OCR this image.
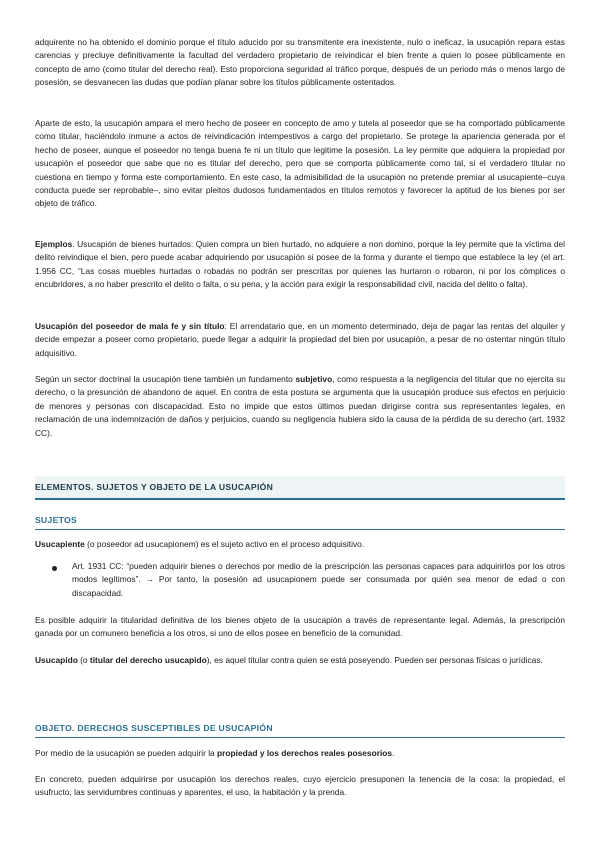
adquirente no ha obtenido el dominio porque el título aducido por su transmitente era inexistente, nulo o ineficaz, la usucapión repara estas carencias y precluye definitivamente la facultad del verdadero propietario de reivindicar el bien frente a quien lo posee públicamente en concepto de amo (como titular del derecho real). Esto proporciona seguridad al tráfico porque, después de un periodo más o menos largo de posesión, se desvanecen las dudas que podían planar sobre los títulos públicamente ostentados.

Aparte de esto, la usucapión ampara el mero hecho de poseer en concepto de amo y tutela al poseedor que se ha comportado públicamente como titular, haciéndolo inmune a actos de reivindicación intempestivos a cargo del propietario. Se protege la apariencia generada por el hecho de poseer, aunque el poseedor no tenga buena fe ni un título que legitime la posesión. La ley permite que adquiera la propiedad por usucapión el poseedor que sabe que no es titular del derecho, pero que se comporta públicamente como tal, si el verdadero titular no cuestiona en tiempo y forma este comportamiento. En este caso, la admisibilidad de la usucapión no pretende premiar al usucapiente–cuya conducta puede ser reprobable–, sino evitar pleitos dudosos fundamentados en títulos remotos y favorecer la aptitud de los bienes por ser objeto de tráfico.

Ejemplos. Usucapión de bienes hurtados: Quien compra un bien hurtado, no adquiere a non domino, porque la ley permite que la víctima del delito reivindique el bien, pero puede acabar adquiriendo por usucapión si posee de la forma y durante el tiempo que establece la ley (el art. 1.956 CC, “Las cosas muebles hurtadas o robadas no podrán ser prescritas por quienes las hurtaron o robaron, ni por los cómplices o encubridores, a no haber prescrito el delito o falta, o su pena, y la acción para exigir la responsabilidad civil, nacida del delito o falta).

Usucapión del poseedor de mala fe y sin título: El arrendatario que, en un momento determinado, deja de pagar las rentas del alquiler y decide empezar a poseer como propietario, puede llegar a adquirir la propiedad del bien por usucapión, a pesar de no ostentar ningún título adquisitivo.

Según un sector doctrinal la usucapión tiene también un fundamento subjetivo, como respuesta a la negligencia del titular que no ejercita su derecho, o la presunción de abandono de aquel. En contra de esta postura se argumenta que la usucapión produce sus efectos en perjuicio de menores y personas con discapacidad. Esto no impide que estos últimos puedan dirigirse contra sus representantes legales, en reclamación de una indemnización de daños y perjuicios, cuando su negligencia hubiera sido la causa de la pérdida de su derecho (art. 1932 CC).

ELEMENTOS. SUJETOS Y OBJETO DE LA USUCAPIÓN
SUJETOS

Usucapiente (o poseedor ad usucapionem) es el sujeto activo en el proceso adquisitivo.

Art. 1931 CC: “pueden adquirir bienes o derechos por medio de la prescripción las personas capaces para adquirirlos por los otros modos legítimos”. → Por tanto, la posesión ad usucapionem puede ser consumada por quién sea menor de edad o con discapacidad.

Es posible adquirir la titularidad definitiva de los bienes objeto de la usucapión a través de representante legal. Además, la prescripción ganada por un comunero beneficia a los otros, si uno de ellos posee en beneficio de la comunidad.

Usucapido (o titular del derecho usucapido), es aquel titular contra quien se está poseyendo. Pueden ser personas físicas o jurídicas.

OBJETO. DERECHOS SUSCEPTIBLES DE USUCAPIÓN

Por medio de la usucapión se pueden adquirir la propiedad y los derechos reales posesorios.

En concreto, pueden adquirirse por usucapión los derechos reales, cuyo ejercicio presuponen la tenencia de la cosa: la propiedad, el usufructo, las servidumbres continuas y aparentes, el uso, la habitación y la prenda.
